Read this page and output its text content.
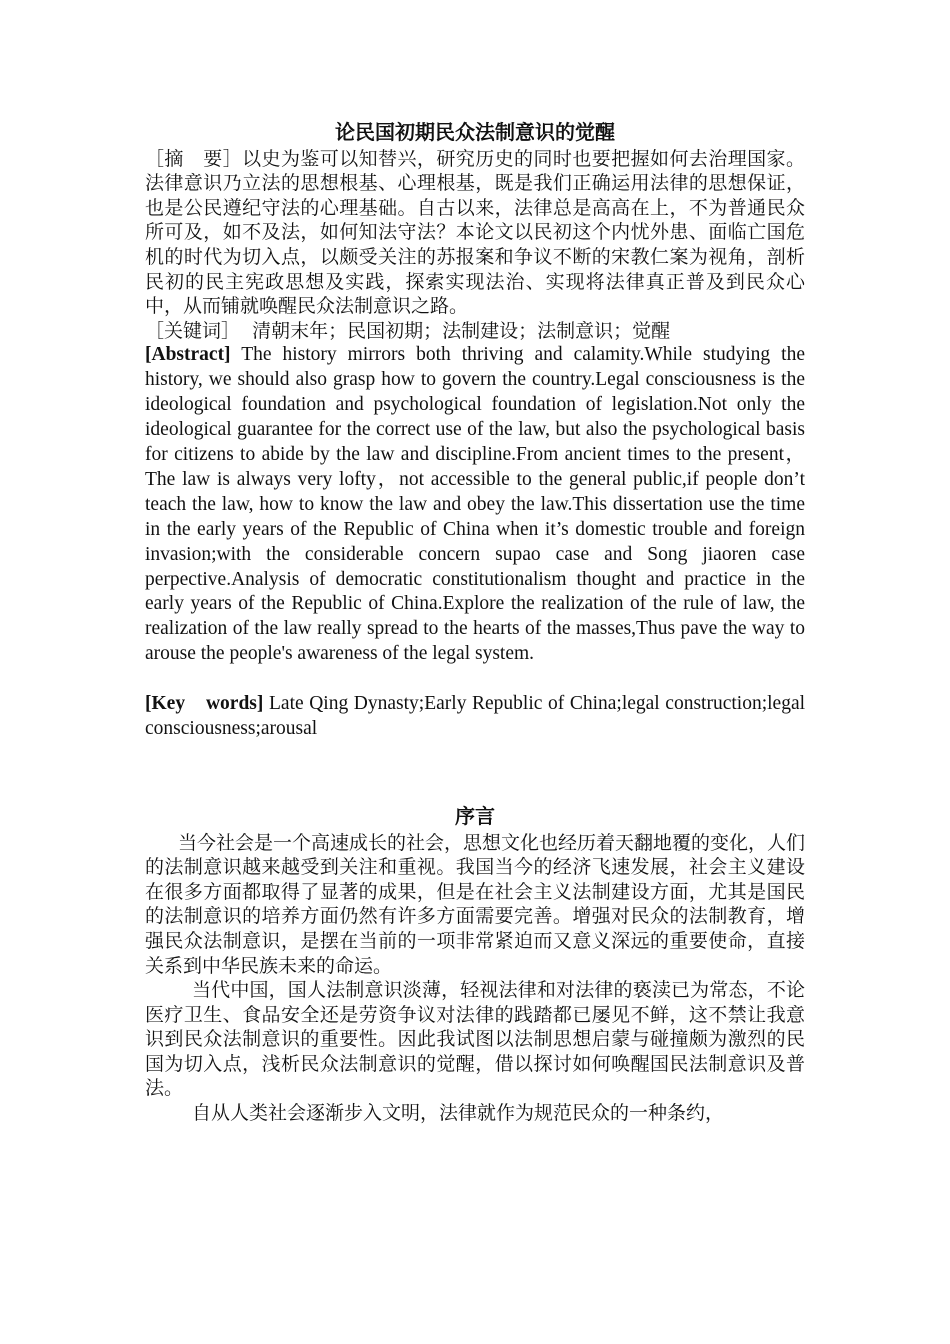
论民国初期民众法制意识的觉醒
［摘　要］以史为鉴可以知替兴，研究历史的同时也要把握如何去治理国家。法律意识乃立法的思想根基、心理根基，既是我们正确运用法律的思想保证，也是公民遵纪守法的心理基础。自古以来，法律总是高高在上，不为普通民众所可及，如不及法，如何知法守法？本论文以民初这个内忧外患、面临亡国危机的时代为切入点，以颇受关注的苏报案和争议不断的宋教仁案为视角，剖析民初的民主宪政思想及实践，探索实现法治、实现将法律真正普及到民众心中，从而铺就唤醒民众法制意识之路。
［关键词］ 清朝末年；民国初期；法制建设；法制意识；觉醒
[Abstract] The history mirrors both thriving and calamity.While studying the history, we should also grasp how to govern the country.Legal consciousness is the ideological foundation and psychological foundation of legislation.Not only the ideological guarantee for the correct use of the law, but also the psychological basis for citizens to abide by the law and discipline.From ancient times to the present， The law is always very lofty，not accessible to the general public,if people don’t teach the law, how to know the law and obey the law.This dissertation use the time in the early years of the Republic of China when it’s domestic trouble and foreign invasion;with the considerable concern supao case and Song jiaoren case perpective.Analysis of democratic constitutionalism thought and practice in the early years of the Republic of China.Explore the realization of the rule of law, the realization of the law really spread to the hearts of the masses,Thus pave the way to arouse the people's awareness of the legal system.
[Key　words] Late Qing Dynasty;Early Republic of China;legal construction;legal consciousness;arousal
序言
当今社会是一个高速成长的社会，思想文化也经历着天翻地覆的变化，人们的法制意识越来越受到关注和重视。我国当今的经济飞速发展，社会主义建设在很多方面都取得了显著的成果，但是在社会主义法制建设方面，尤其是国民的法制意识的培养方面仍然有许多方面需要完善。增强对民众的法制教育，增强民众法制意识，是摆在当前的一项非常紧迫而又意义深远的重要使命，直接关系到中华民族未来的命运。
当代中国，国人法制意识淡薄，轻视法律和对法律的亵渎已为常态，不论医疗卫生、食品安全还是劳资争议对法律的践踏都已屡见不鲜，这不禁让我意识到民众法制意识的重要性。因此我试图以法制思想启蒙与碰撞颇为激烈的民国为切入点，浅析民众法制意识的觉醒，借以探讨如何唤醒国民法制意识及普法。
自从人类社会逐渐步入文明，法律就作为规范民众的一种条约，
